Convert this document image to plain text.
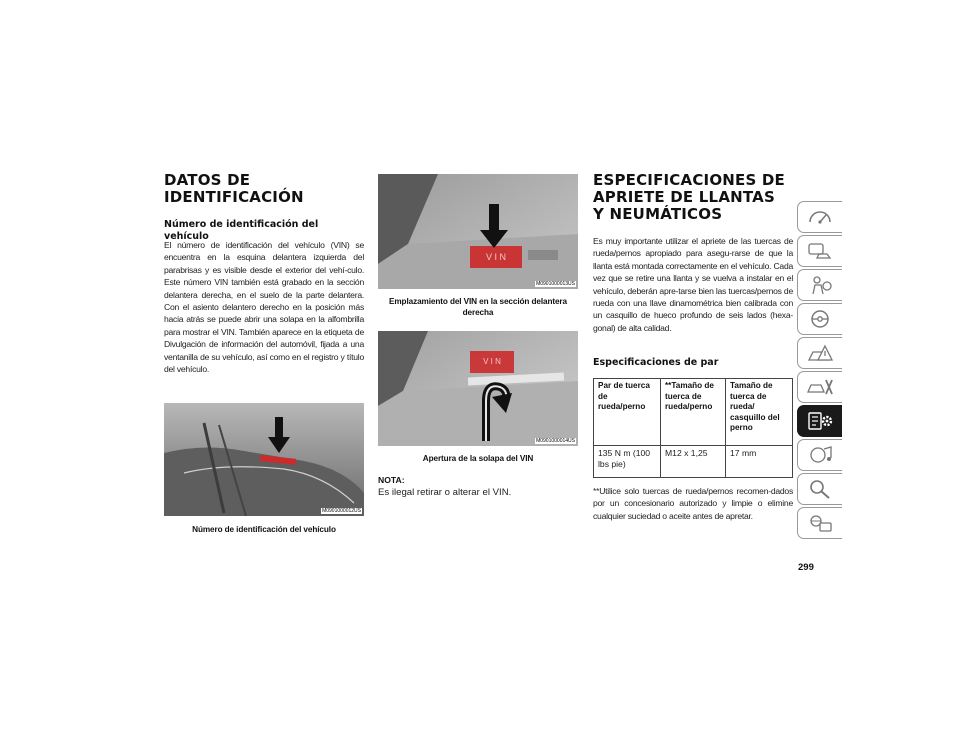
DATOS DE IDENTIFICACIÓN
Número de identificación del vehículo

El número de identificación del vehículo (VIN) se encuentra en la esquina delantera izquierda del parabrisas y es visible desde el exterior del vehí-culo. Este número VIN también está grabado en la sección delantera derecha, en el suelo de la parte delantera. Con el asiento delantero derecho en la posición más hacia atrás se puede abrir una solapa en la alfombrilla para mostrar el VIN. También aparece en la etiqueta de Divulgación de información del automóvil, fijada a una ventanilla de su vehículo, así como en el registro y título del vehículo.

M0901000012US

Número de identificación del vehículo

V I N
M0901000013US

Emplazamiento del VIN en la sección delantera derecha

V I N
M0901000014US

Apertura de la solapa del VIN

NOTA:

Es ilegal retirar o alterar el VIN.

ESPECIFICACIONES DE APRIETE DE LLANTAS Y NEUMÁTICOS

Es muy importante utilizar el apriete de las tuercas de rueda/pernos apropiado para asegu-rarse de que la llanta está montada correctamente en el vehículo. Cada vez que se retire una llanta y se vuelva a instalar en el vehículo, deberán apre-tarse bien las tuercas/pernos de rueda con una llave dinamométrica bien calibrada con un casquillo de hueco profundo de seis lados (hexa-gonal) de alta calidad.

Especificaciones de par
Par de tuerca de rueda/perno	**Tamaño de tuerca de rueda/perno	Tamaño de tuerca de rueda/ casquillo del perno
135 N m (100 lbs pie)	M12 x 1,25	17 mm

**Utilice solo tuercas de rueda/pernos recomen-dados por un concesionario autorizado y limpie o elimine cualquier suciedad o aceite antes de apretar.

299
